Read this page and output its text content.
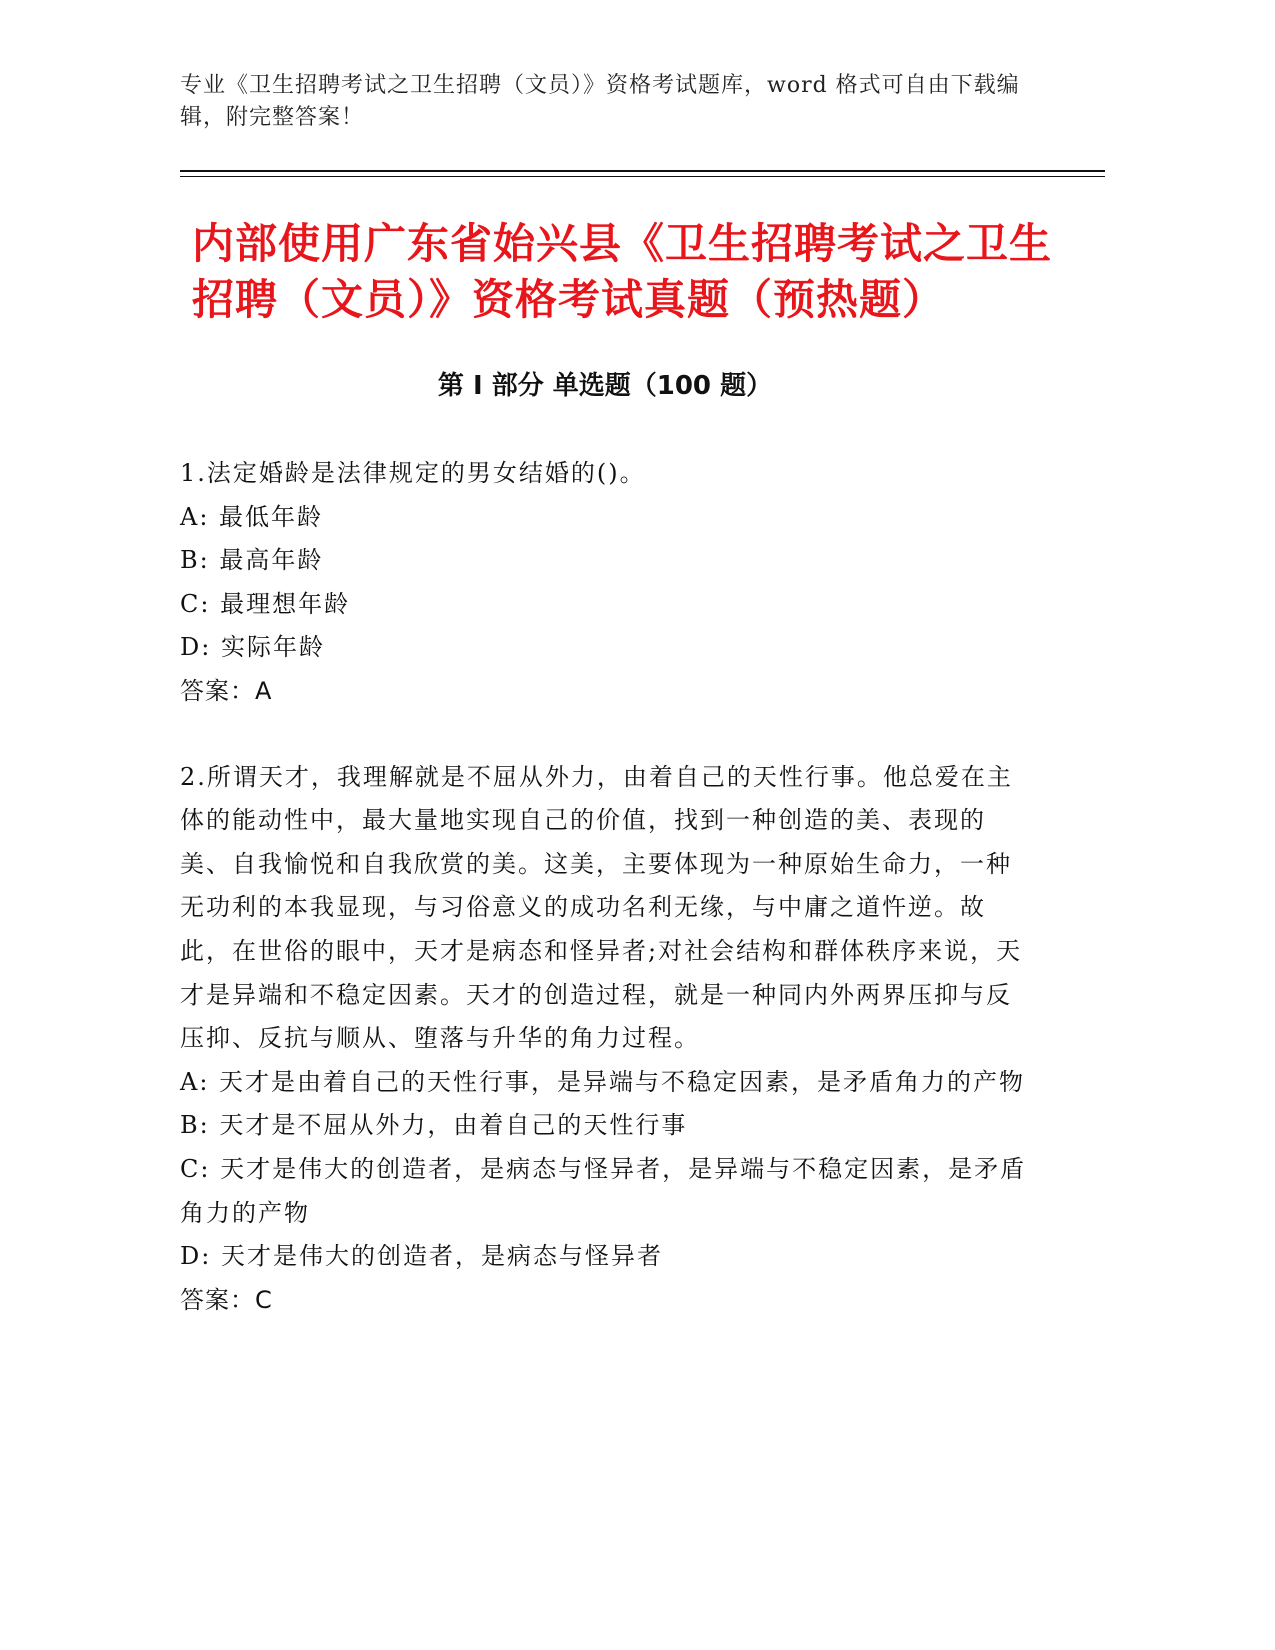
专业《卫生招聘考试之卫生招聘（文员）》资格考试题库，word 格式可自由下载编辑，附完整答案！
内部使用广东省始兴县《卫生招聘考试之卫生招聘（文员）》资格考试真题（预热题）
第 I 部分 单选题（100 题）
1.法定婚龄是法律规定的男女结婚的()。
A: 最低年龄
B: 最高年龄
C: 最理想年龄
D: 实际年龄
答案：A
2.所谓天才，我理解就是不屈从外力，由着自己的天性行事。他总爱在主体的能动性中，最大量地实现自己的价值，找到一种创造的美、表现的美、自我愉悦和自我欣赏的美。这美，主要体现为一种原始生命力，一种无功利的本我显现，与习俗意义的成功名利无缘，与中庸之道忤逆。故此，在世俗的眼中，天才是病态和怪异者;对社会结构和群体秩序来说，天才是异端和不稳定因素。天才的创造过程，就是一种同内外两界压抑与反压抑、反抗与顺从、堕落与升华的角力过程。
A: 天才是由着自己的天性行事，是异端与不稳定因素，是矛盾角力的产物
B: 天才是不屈从外力，由着自己的天性行事
C: 天才是伟大的创造者，是病态与怪异者，是异端与不稳定因素，是矛盾角力的产物
D: 天才是伟大的创造者，是病态与怪异者
答案：C
